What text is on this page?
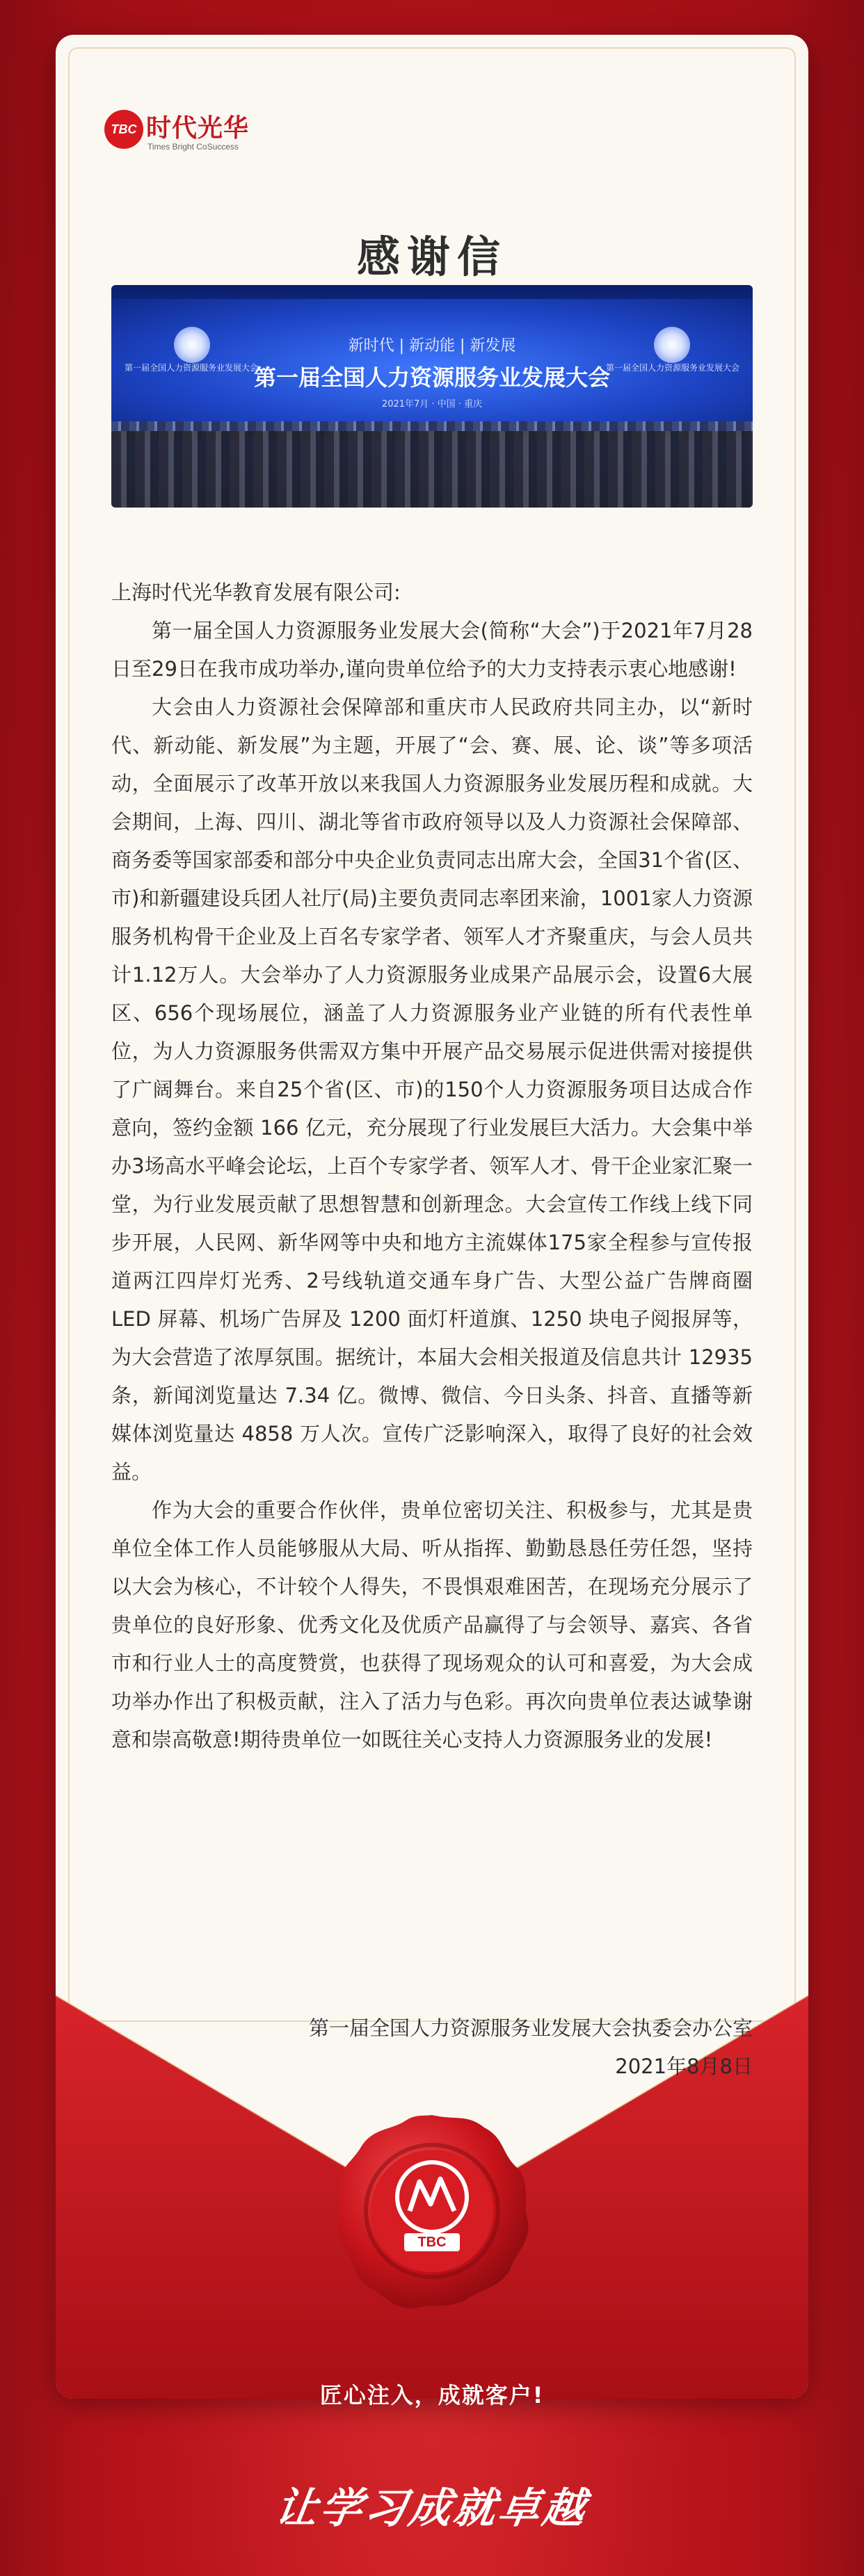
TBC 时代光华
Times Bright CoSuccess
感谢信
第一届全国人力资源服务业发展大会	第一届全国人力资源服务业发展大会
新时代 | 新动能 | 新发展
第一届全国人力资源服务业发展大会
2021年7月 · 中国 · 重庆

上海时代光华教育发展有限公司:

第一届全国人力资源服务业发展大会(简称“大会”)于2021年7月28日至29日在我市成功举办,谨向贵单位给予的大力支持表示衷心地感谢!

大会由人力资源社会保障部和重庆市人民政府共同主办，以“新时代、新动能、新发展”为主题，开展了“会、赛、展、论、谈”等多项活动，全面展示了改革开放以来我国人力资源服务业发展历程和成就。大会期间，上海、四川、湖北等省市政府领导以及人力资源社会保障部、商务委等国家部委和部分中央企业负责同志出席大会，全国31个省(区、市)和新疆建设兵团人社厅(局)主要负责同志率团来渝，1001家人力资源服务机构骨干企业及上百名专家学者、领军人才齐聚重庆，与会人员共计1.12万人。大会举办了人力资源服务业成果产品展示会，设置6大展区、656个现场展位，涵盖了人力资源服务业产业链的所有代表性单位，为人力资源服务供需双方集中开展产品交易展示促进供需对接提供了广阔舞台。来自25个省(区、市)的150个人力资源服务项目达成合作意向，签约金额 166 亿元，充分展现了行业发展巨大活力。大会集中举办3场高水平峰会论坛，上百个专家学者、领军人才、骨干企业家汇聚一堂，为行业发展贡献了思想智慧和创新理念。大会宣传工作线上线下同步开展，人民网、新华网等中央和地方主流媒体175家全程参与宣传报道两江四岸灯光秀、2号线轨道交通车身广告、大型公益广告牌商圈 LED 屏幕、机场广告屏及 1200 面灯杆道旗、1250 块电子阅报屏等，为大会营造了浓厚氛围。据统计，本届大会相关报道及信息共计 12935 条，新闻浏览量达 7.34 亿。微博、微信、今日头条、抖音、直播等新媒体浏览量达 4858 万人次。宣传广泛影响深入，取得了良好的社会效益。

作为大会的重要合作伙伴，贵单位密切关注、积极参与，尤其是贵单位全体工作人员能够服从大局、听从指挥、勤勤恳恳任劳任怨，坚持以大会为核心，不计较个人得失，不畏惧艰难困苦，在现场充分展示了贵单位的良好形象、优秀文化及优质产品赢得了与会领导、嘉宾、各省市和行业人士的高度赞赏，也获得了现场观众的认可和喜爱，为大会成功举办作出了积极贡献，注入了活力与色彩。再次向贵单位表达诚挚谢意和崇高敬意!期待贵单位一如既往关心支持人力资源服务业的发展!

第一届全国人力资源服务业发展大会执委会办公室
2021年8月8日
TBC
匠心注入，成就客户!
让学习成就卓越
